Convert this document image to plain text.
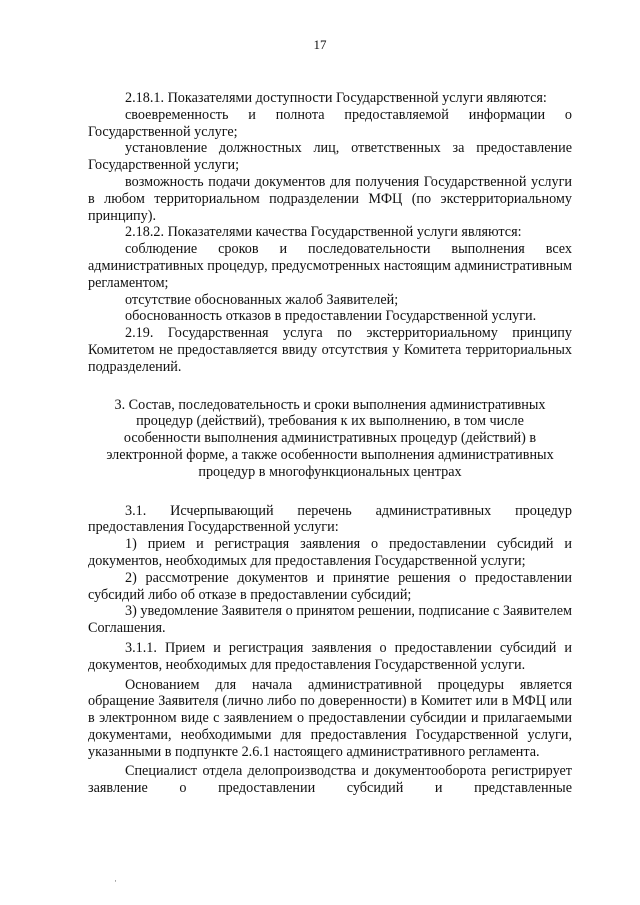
17

2.18.1. Показателями доступности Государственной услуги являются:

своевременность и полнота предоставляемой информации о Государственной услуге;

установление должностных лиц, ответственных за предоставление Государственной услуги;

возможность подачи документов для получения Государственной услуги в любом территориальном подразделении МФЦ (по экстерриториальному принципу).

2.18.2. Показателями качества Государственной услуги являются:

соблюдение сроков и последовательности выполнения всех административных процедур, предусмотренных настоящим административным регламентом;

отсутствие обоснованных жалоб Заявителей;

обоснованность отказов в предоставлении Государственной услуги.

2.19. Государственная услуга по экстерриториальному принципу Комитетом не предоставляется ввиду отсутствия у Комитета территориальных подразделений.

3. Состав, последовательность и сроки выполнения административных процедур (действий), требования к их выполнению, в том числе особенности выполнения административных процедур (действий) в электронной форме, а также особенности выполнения административных процедур в многофункциональных центрах

3.1. Исчерпывающий перечень административных процедур предоставления Государственной услуги:

1) прием и регистрация заявления о предоставлении субсидий и документов, необходимых для предоставления Государственной услуги;

2) рассмотрение документов и принятие решения о предоставлении субсидий либо об отказе в предоставлении субсидий;

3) уведомление Заявителя о принятом решении, подписание с Заявителем Соглашения.

3.1.1. Прием и регистрация заявления о предоставлении субсидий и документов, необходимых для предоставления Государственной услуги.

Основанием для начала административной процедуры является обращение Заявителя (лично либо по доверенности) в Комитет или в МФЦ или в электронном виде с заявлением о предоставлении субсидии и прилагаемыми документами, необходимыми для предоставления Государственной услуги, указанными в подпункте 2.6.1 настоящего административного регламента.

Специалист отдела делопроизводства и документооборота регистрирует заявление о предоставлении субсидий и представленные

·
